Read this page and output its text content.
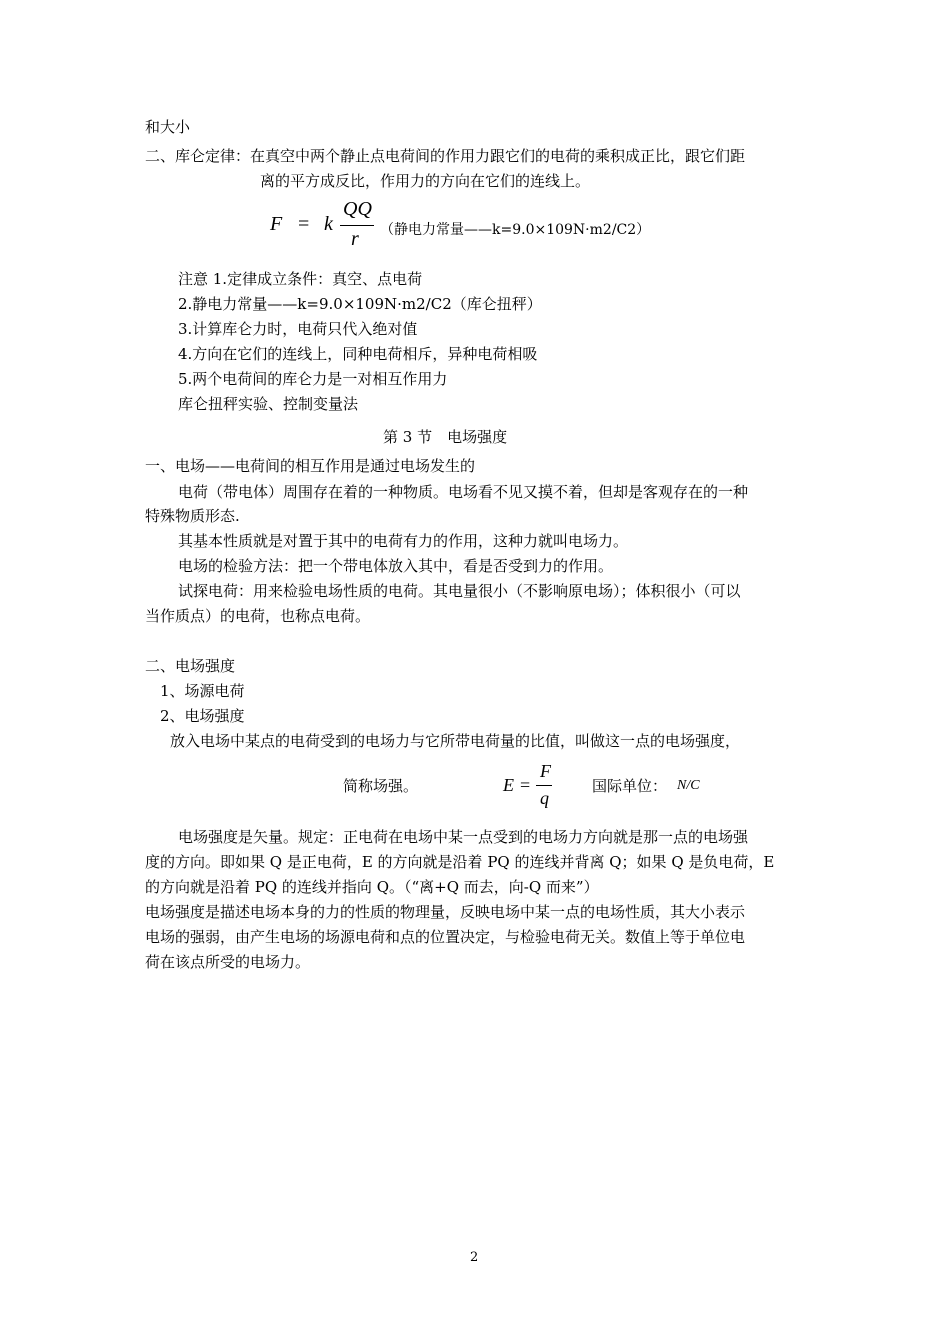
和大小
二、库仑定律：在真空中两个静止点电荷间的作用力跟它们的电荷的乘积成正比，跟它们距
离的平方成反比，作用力的方向在它们的连线上。
F = k
QQ
r （静电力常量——k=9.0×109N·m2/C2）
注意 1.定律成立条件：真空、点电荷
2.静电力常量——k=9.0×109N·m2/C2（库仑扭秤）
3.计算库仑力时，电荷只代入绝对值
4.方向在它们的连线上，同种电荷相斥，异种电荷相吸
5.两个电荷间的库仑力是一对相互作用力
库仑扭秤实验、控制变量法
第 3 节　电场强度
一、电场——电荷间的相互作用是通过电场发生的
电荷（带电体）周围存在着的一种物质。电场看不见又摸不着，但却是客观存在的一种
特殊物质形态.
其基本性质就是对置于其中的电荷有力的作用，这种力就叫电场力。
电场的检验方法：把一个带电体放入其中，看是否受到力的作用。
试探电荷：用来检验电场性质的电荷。其电量很小（不影响原电场）；体积很小（可以
当作质点）的电荷，也称点电荷。
二、电场强度
1、场源电荷
2、电场强度
放入电场中某点的电荷受到的电场力与它所带电荷量的比值，叫做这一点的电场强度，
简称场强。	E =
F
q
国际单位： N/C
电场强度是矢量。规定：正电荷在电场中某一点受到的电场力方向就是那一点的电场强
度的方向。即如果 Q 是正电荷，E 的方向就是沿着 PQ 的连线并背离 Q；如果 Q 是负电荷，E
的方向就是沿着 PQ 的连线并指向 Q。（“离+Q 而去，向-Q 而来”）
电场强度是描述电场本身的力的性质的物理量，反映电场中某一点的电场性质，其大小表示
电场的强弱，由产生电场的场源电荷和点的位置决定，与检验电荷无关。数值上等于单位电
荷在该点所受的电场力。
2
